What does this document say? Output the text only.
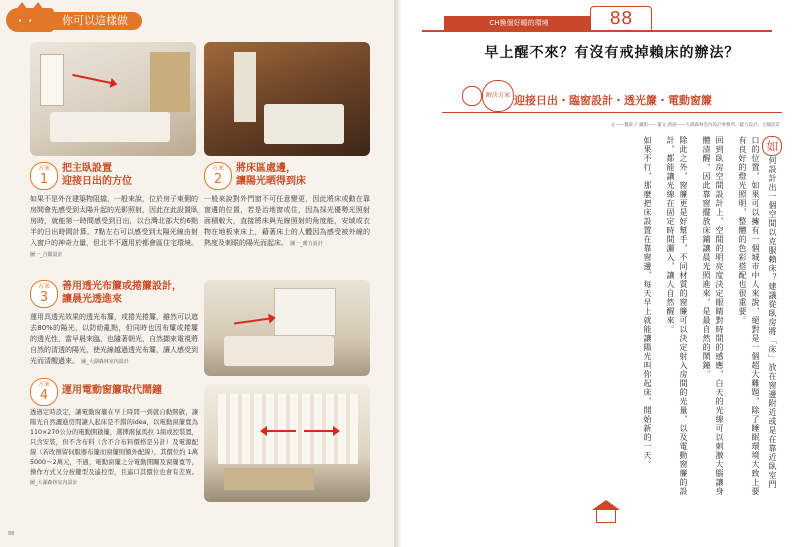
••	你可以這樣做
方案
1
把主臥設置
迎接日出的方位
如果不是外在建築物阻擋，一般來說，位於房子東側的房間會先感受到太陽升起的光影照射，因此在此設置臥房時，就能第一時間感受到日出，以台灣北部大約6點半的日出時間計算，7點左右可以感受到太陽光線由射入窗戶的神奇力量，但北半不適用於都會區住宅環境。 圖一_合隅設計
方案
2
將床區處邊，
讓陽光晒得到床
一般來說對外門窗不可任意變更，因此將床或動在靠窗邊的位置，若是治地窗或住，因為採光優勢光照射面積較大，直接將床與光線照射的角度能，安域或衣物在地板來床上，藉著床上的人體因為感受被外線的熱度及刺眼的陽光而起床。 圖一_暖力設計
方案
3
善用透光布簾或捲簾設計，
讓晨光透進來
運用具透光效果的透光布簾，或捲光捲簾，雖然可以遮去80%的陽光，以防紛亂點，但同時也因布簾或捲簾的透光性，當早晨來臨，也隨著朝光，自然擷來電視將自然的清透的陽光，使光線越過透光布簾，讓人感受到光而清醒過來。 圖_大湖森林室內設計
方案
4	運用電動窗簾取代鬧鐘
透過定時設定，讓電動窗簾在早上時間一到就自動開啟，讓陽光自然灑進房間讓人起床是不錯的idea，以電動窗簾寬為110×270公分的電動開啟簾，選擇潑鼠馬拉 1組或控裝置，只含安裝，但不含布料（含不合布料價格是另計）及電源配線（若改預留伺服器布簾而窗簾則額外配線），其價位約 1萬5000～2萬元，不過，電動窗簾之分電動開關及窗簾寬等，操作方式又分按鍵型及遙控型，且遙口其價位也會有差異。 圖_大湖森林室內設計
88
CH換個好睡的環境	88
早上醒不來？有沒有戒掉賴床的辦法？
解決方案 迎接日出・臨窗設計・透光簾・電動窗簾
文——魏棠子 攝影——董文 諮詢——大湖森林室內設計事務所、暖力設計、合隅設計

如何設計出一個空間以克服賴床？建議從臥房將「床」放在窗邊附近或是在靠近臥室門口的位置，如果可以擁有一個城市中人來說，絕對是一個超大難題，除了睡眠環境大致上要有良好的燈光照明，整體的色彩搭配也很重要。

回到臥房空間設計上，空間的明亮度決定眼睛對時間的感應，白天的光線可以刺激大腦讓身體清醒，因此靠窗擺放床鋪讓晨光照進來，是最自然的鬧鐘。

除此之外，窗簾更是好幫手，不同材質的窗簾可以決定射入房間的光量，以及電動窗簾的設計，都能讓光線在固定時間灑入，讓人自然醒來。

如果不行，那麼把床設置在靠窗邊，每天早上就能讓陽光叫你起床，開始新的一天。
